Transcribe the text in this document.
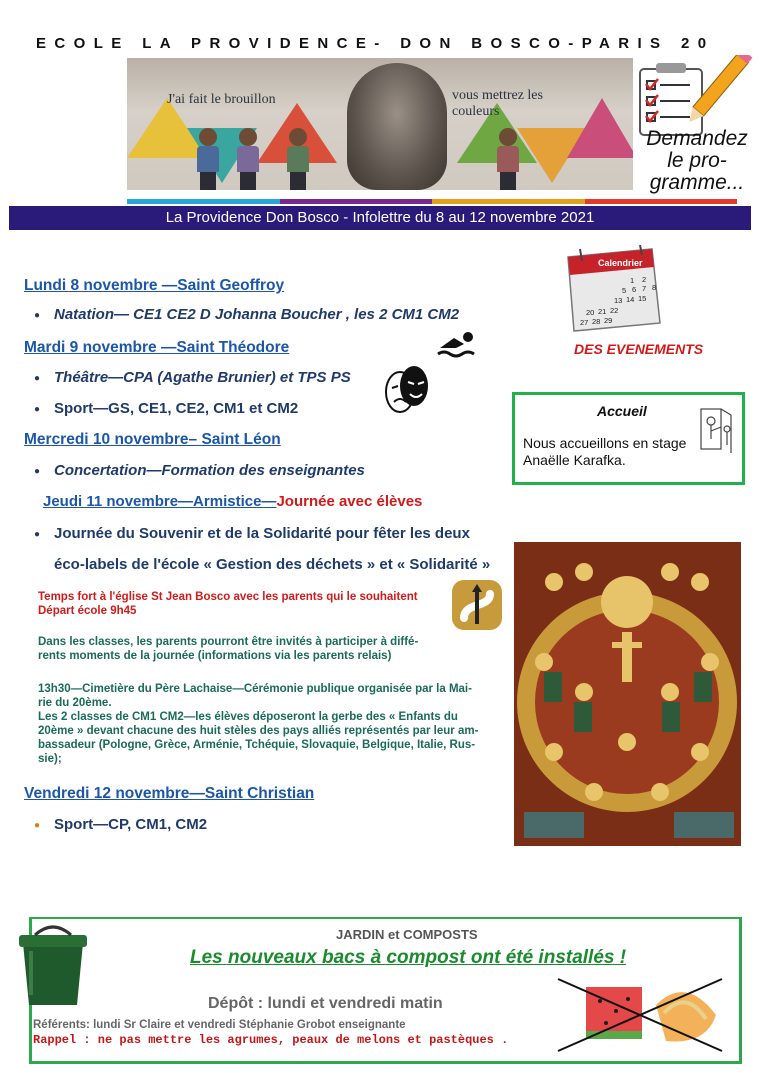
ECOLE LA PROVIDENCE- DON BOSCO-PARIS 20
J'ai fait le brouillon	vous mettrez les couleurs
Demandez le pro-gramme...
La Providence Don Bosco - Infolettre du 8 au 12 novembre 2021
Lundi 8 novembre —Saint Geoffroy
● Natation— CE1 CE2 D Johanna Boucher , les 2 CM1 CM2
Mardi 9 novembre —Saint Théodore
● Théâtre—CPA (Agathe Brunier) et TPS PS
● Sport—GS, CE1, CE2, CM1 et CM2
Mercredi 10 novembre– Saint Léon
● Concertation—Formation des enseignantes
Jeudi 11 novembre—Armistice—Journée avec élèves
● Journée du Souvenir et de la Solidarité pour fêter les deux
éco-labels de l'école « Gestion des déchets » et « Solidarité »
Temps fort à l'église St Jean Bosco avec les parents qui le souhaitent
Départ école 9h45
Dans les classes, les parents pourront être invités à participer à diffé-
rents moments de la journée (informations via les parents relais)
13h30—Cimetière du Père Lachaise—Cérémonie publique organisée par la Mai-
rie du 20ème.
Les 2 classes de CM1 CM2—les élèves déposeront la gerbe des « Enfants du
20ème » devant chacune des huit stèles des pays alliés représentés par leur am-
bassadeur (Pologne, Grèce, Arménie, Tchéquie, Slovaquie, Belgique, Italie, Rus-
sie);
Vendredi 12 novembre—Saint Christian
● Sport—CP, CM1, CM2
Calendrier
1 2
5 6 7 8
13 14 15
20 21 22
27 28 29
DES EVENEMENTS
Accueil
Nous accueillons en stage Anaëlle Karafka.
JARDIN et COMPOSTS
Les nouveaux bacs à compost ont été installés !
Dépôt : lundi et vendredi matin
Référents: lundi Sr Claire et vendredi Stéphanie Grobot enseignante
Rappel : ne pas mettre les agrumes, peaux de melons et pastèques .
